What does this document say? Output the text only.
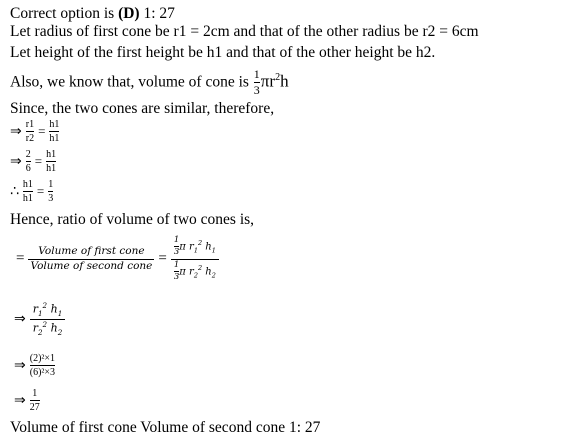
Correct option is (D) 1: 27
Let radius of first cone be r1 = 2cm and that of the other radius be r2 = 6cm
Let height of the first height be h1 and that of the other height be h2.
Also, we know that, volume of cone is $\frac{1}{3} \pi r^2h$
Since, the two cones are similar, therefore,
⇒ $\frac{r1}{r2} = \frac{h1}{h1}$
⇒ $\frac{2}{6} = \frac{h1}{h1}$
∴ $\frac{h1}{h1} = \frac{1}{3}$
Hence, ratio of volume of two cones is,
= $\frac{\text{Volume of first cone}}{\text{Volume of second cone}} = \frac{\frac{1}{3} \pi r_1^2 h_1}{\frac{1}{3} \pi r_2^2 h_2}$
⇒ $\frac{r_1^2 h_1}{r_2^2 h_2}$
⇒ $\frac{\text{(2)²×1}}{\text{(6)²×3}}$
⇒ $\frac{1}{27}$
Volume of first cone Volume of second cone 1: 27
